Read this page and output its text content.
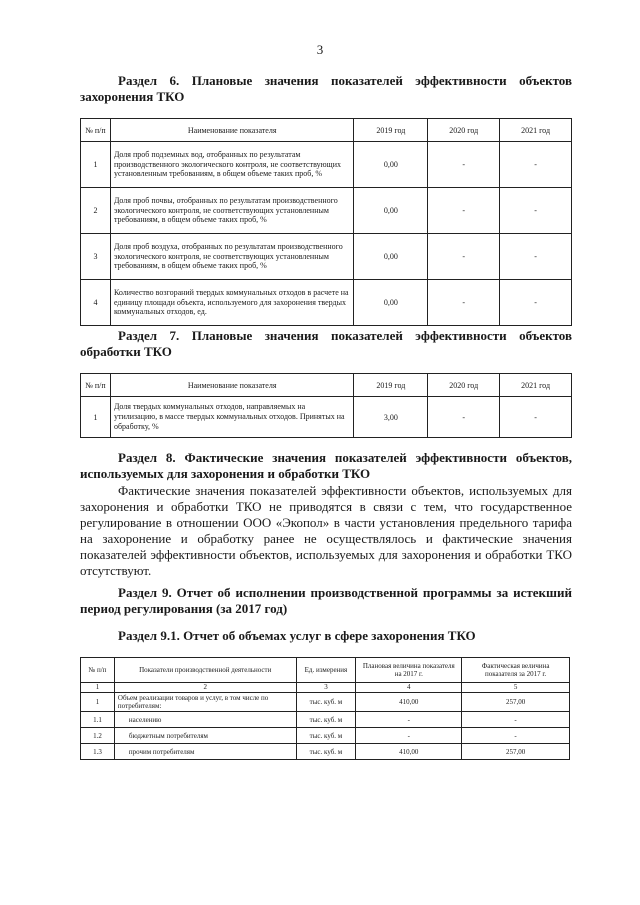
3
Раздел 6. Плановые значения показателей эффективности объектов захоронения ТКО
№ п/п	Наименование показателя	2019 год	2020 год	2021 год
1	Доля проб подземных вод, отобранных по результатам производственного экологического контроля, не соответствующих установленным требованиям, в общем объеме таких проб, %	0,00	-	-
2	Доля проб почвы, отобранных по результатам производственного экологического контроля, не соответствующих установленным требованиям, в общем объеме таких проб, %	0,00	-	-
3	Доля проб воздуха, отобранных по результатам производственного экологического контроля, не соответствующих установленным требованиям, в общем объеме таких проб, %	0,00	-	-
4	Количество возгораний твердых коммунальных отходов в расчете на единицу площади объекта, используемого для захоронения твердых коммунальных отходов, ед.	0,00	-	-
Раздел 7. Плановые значения показателей эффективности объектов обработки ТКО
№ п/п	Наименование показателя	2019 год	2020 год	2021 год
1	Доля твердых коммунальных отходов, направляемых на утилизацию, в массе твердых коммунальных отходов. Принятых на обработку, %	3,00	-	-
Раздел 8. Фактические значения показателей эффективности объектов, используемых для захоронения и обработки ТКО
Фактические значения показателей эффективности объектов, используемых для захоронения и обработки ТКО не приводятся в связи с тем, что государственное регулирование в отношении ООО «Экопол» в части установления предельного тарифа на захоронение и обработку ранее не осуществлялось и фактические значения показателей эффективности объектов, используемых для захоронения и обработки ТКО отсутствуют.
Раздел 9. Отчет об исполнении производственной программы за истекший период регулирования (за 2017 год)
Раздел 9.1. Отчет об объемах услуг в сфере захоронения ТКО
№ п/п	Показатели производственной деятельности	Ед. измерения	Плановая величина показателя на 2017 г.	Фактическая величина показателя за 2017 г.
1	2	3	4	5
1	Объем реализации товаров и услуг, в том числе по потребителям:	тыс. куб. м	410,00	257,00
1.1	населению	тыс. куб. м	-	-
1.2	бюджетным потребителям	тыс. куб. м	-	-
1.3	прочим потребителям	тыс. куб. м	410,00	257,00
